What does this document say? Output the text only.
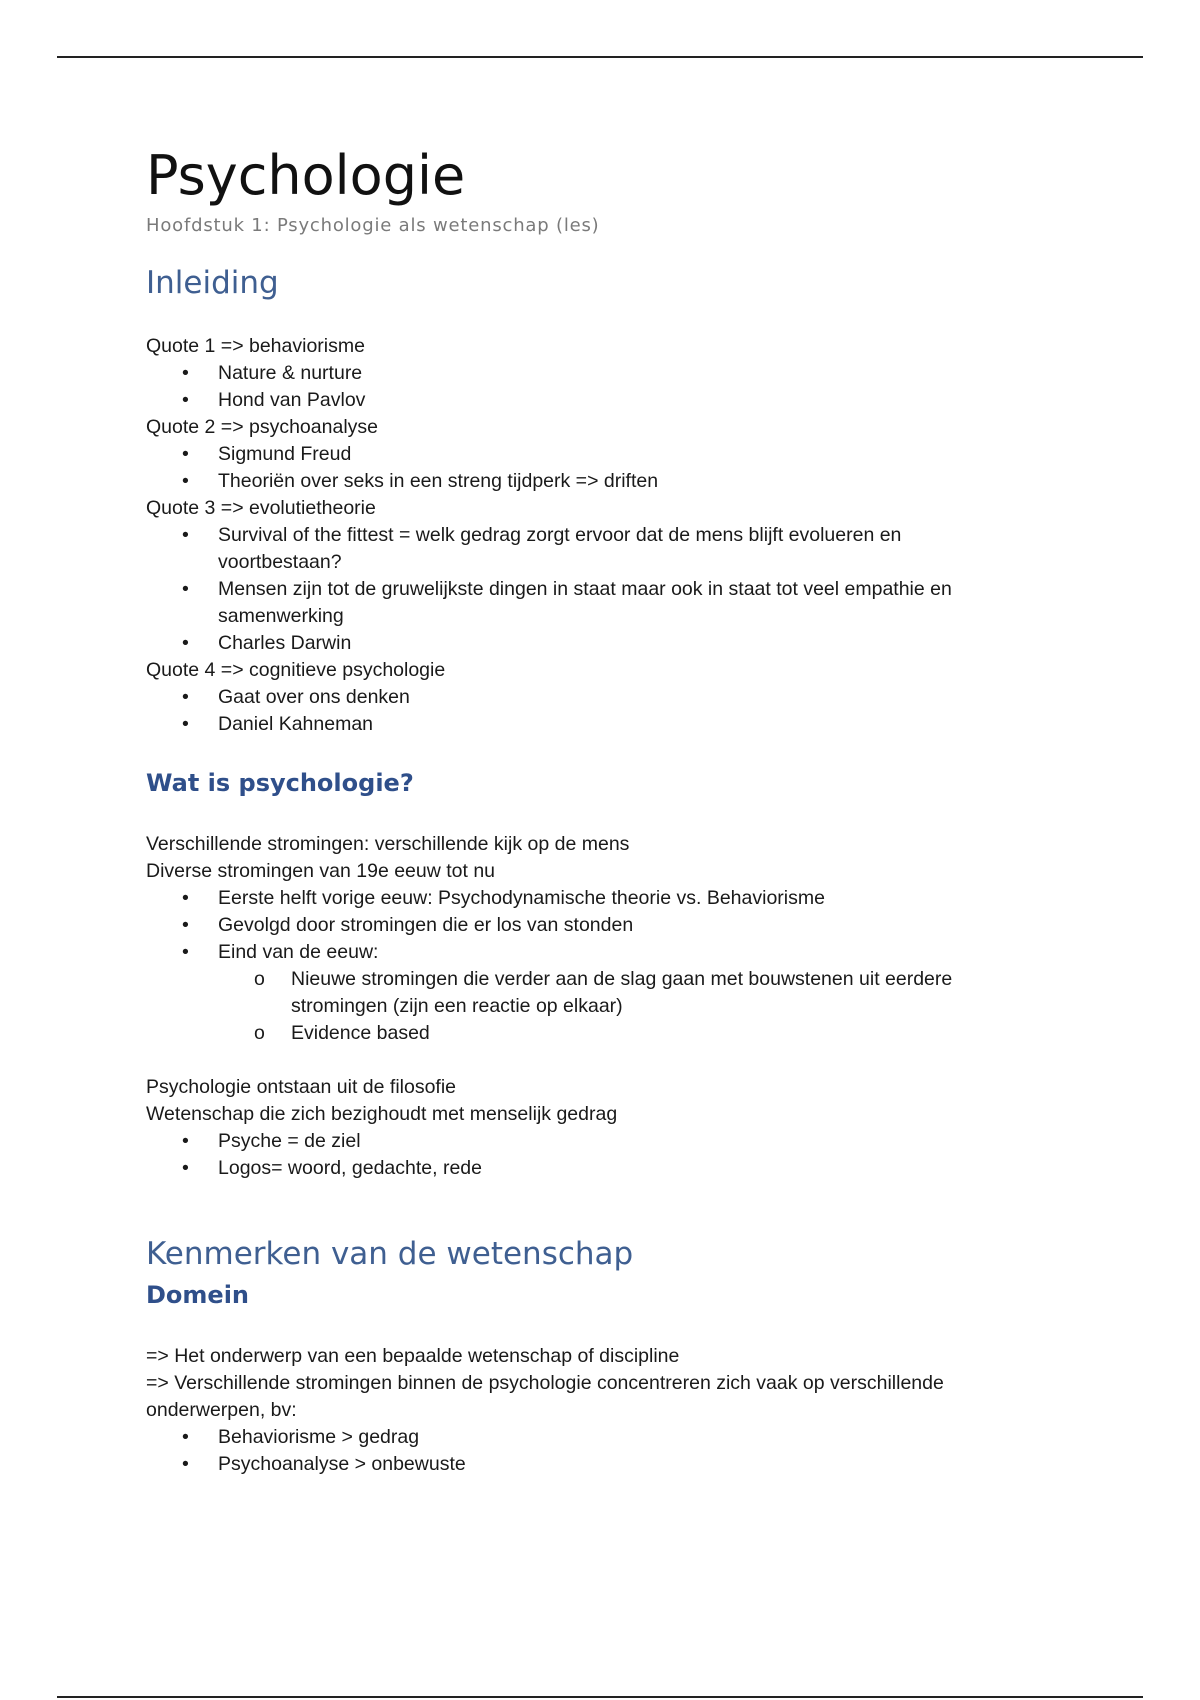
Psychologie
Hoofdstuk 1: Psychologie als wetenschap (les)
Inleiding
Quote 1 => behaviorisme
•	Nature & nurture
•	Hond van Pavlov
Quote 2 => psychoanalyse
•	Sigmund Freud
•	Theoriën over seks in een streng tijdperk => driften
Quote 3 => evolutietheorie
•	Survival of the fittest = welk gedrag zorgt ervoor dat de mens blijft evolueren en voortbestaan?
•	Mensen zijn tot de gruwelijkste dingen in staat maar ook in staat tot veel empathie en samenwerking
•	Charles Darwin
Quote 4 => cognitieve psychologie
•	Gaat over ons denken
•	Daniel Kahneman
Wat is psychologie?
Verschillende stromingen: verschillende kijk op de mens
Diverse stromingen van 19e eeuw tot nu
•	Eerste helft vorige eeuw: Psychodynamische theorie vs. Behaviorisme
•	Gevolgd door stromingen die er los van stonden
•	Eind van de eeuw:
o	Nieuwe stromingen die verder aan de slag gaan met bouwstenen uit eerdere stromingen (zijn een reactie op elkaar)
o	Evidence based
Psychologie ontstaan uit de filosofie
Wetenschap die zich bezighoudt met menselijk gedrag
•	Psyche = de ziel
•	Logos= woord, gedachte, rede
Kenmerken van de wetenschap
Domein
=> Het onderwerp van een bepaalde wetenschap of discipline
=> Verschillende stromingen binnen de psychologie concentreren zich vaak op verschillende onderwerpen, bv:
•	Behaviorisme > gedrag
•	Psychoanalyse > onbewuste
